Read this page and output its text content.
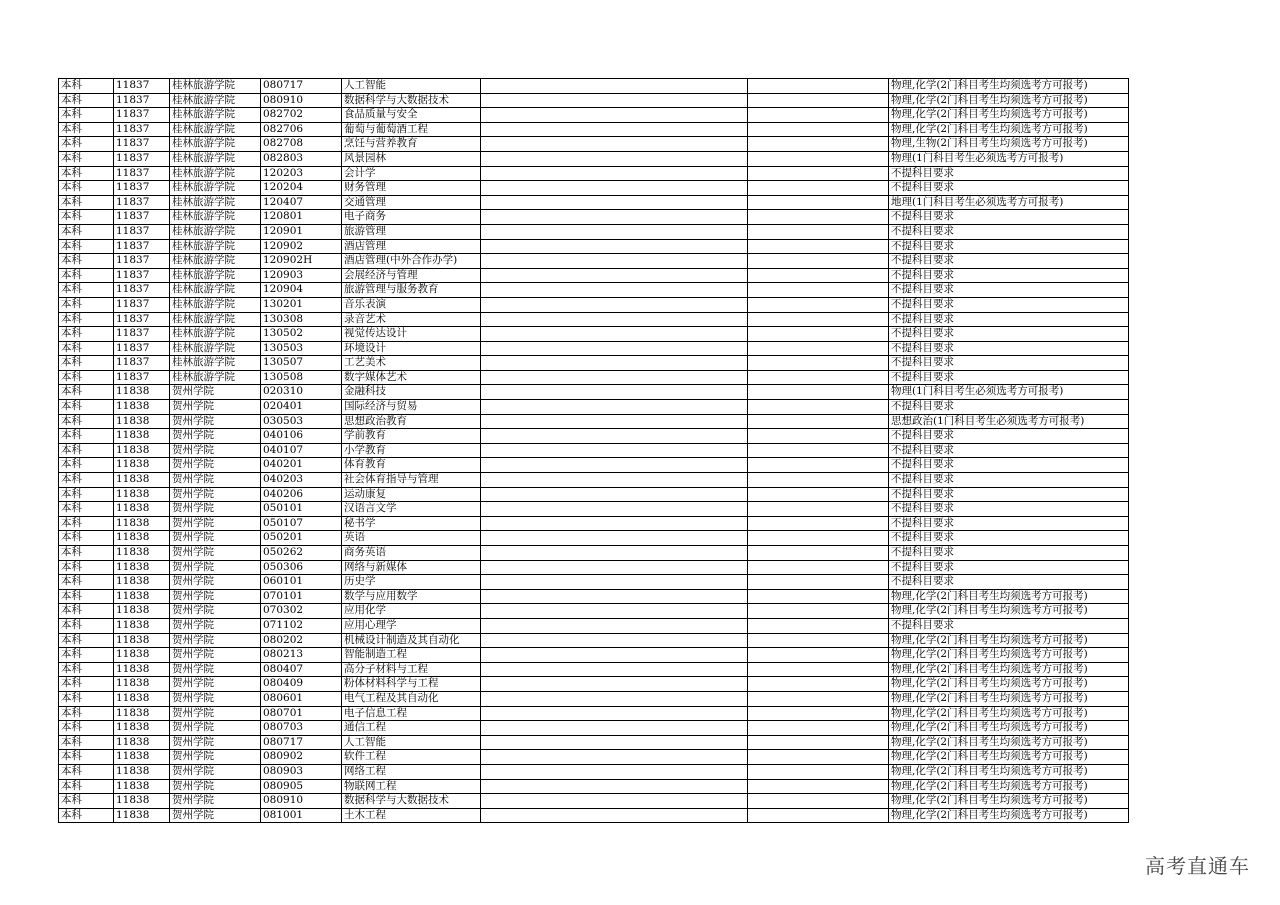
本科	11837	桂林旅游学院	080717	人工智能			物理,化学(2门科目考生均须选考方可报考)
本科	11837	桂林旅游学院	080910	数据科学与大数据技术			物理,化学(2门科目考生均须选考方可报考)
本科	11837	桂林旅游学院	082702	食品质量与安全			物理,化学(2门科目考生均须选考方可报考)
本科	11837	桂林旅游学院	082706	葡萄与葡萄酒工程			物理,化学(2门科目考生均须选考方可报考)
本科	11837	桂林旅游学院	082708	烹饪与营养教育			物理,生物(2门科目考生均须选考方可报考)
本科	11837	桂林旅游学院	082803	风景园林			物理(1门科目考生必须选考方可报考)
本科	11837	桂林旅游学院	120203	会计学			不提科目要求
本科	11837	桂林旅游学院	120204	财务管理			不提科目要求
本科	11837	桂林旅游学院	120407	交通管理			地理(1门科目考生必须选考方可报考)
本科	11837	桂林旅游学院	120801	电子商务			不提科目要求
本科	11837	桂林旅游学院	120901	旅游管理			不提科目要求
本科	11837	桂林旅游学院	120902	酒店管理			不提科目要求
本科	11837	桂林旅游学院	120902H	酒店管理(中外合作办学)			不提科目要求
本科	11837	桂林旅游学院	120903	会展经济与管理			不提科目要求
本科	11837	桂林旅游学院	120904	旅游管理与服务教育			不提科目要求
本科	11837	桂林旅游学院	130201	音乐表演			不提科目要求
本科	11837	桂林旅游学院	130308	录音艺术			不提科目要求
本科	11837	桂林旅游学院	130502	视觉传达设计			不提科目要求
本科	11837	桂林旅游学院	130503	环境设计			不提科目要求
本科	11837	桂林旅游学院	130507	工艺美术			不提科目要求
本科	11837	桂林旅游学院	130508	数字媒体艺术			不提科目要求
本科	11838	贺州学院	020310	金融科技			物理(1门科目考生必须选考方可报考)
本科	11838	贺州学院	020401	国际经济与贸易			不提科目要求
本科	11838	贺州学院	030503	思想政治教育			思想政治(1门科目考生必须选考方可报考)
本科	11838	贺州学院	040106	学前教育			不提科目要求
本科	11838	贺州学院	040107	小学教育			不提科目要求
本科	11838	贺州学院	040201	体育教育			不提科目要求
本科	11838	贺州学院	040203	社会体育指导与管理			不提科目要求
本科	11838	贺州学院	040206	运动康复			不提科目要求
本科	11838	贺州学院	050101	汉语言文学			不提科目要求
本科	11838	贺州学院	050107	秘书学			不提科目要求
本科	11838	贺州学院	050201	英语			不提科目要求
本科	11838	贺州学院	050262	商务英语			不提科目要求
本科	11838	贺州学院	050306	网络与新媒体			不提科目要求
本科	11838	贺州学院	060101	历史学			不提科目要求
本科	11838	贺州学院	070101	数学与应用数学			物理,化学(2门科目考生均须选考方可报考)
本科	11838	贺州学院	070302	应用化学			物理,化学(2门科目考生均须选考方可报考)
本科	11838	贺州学院	071102	应用心理学			不提科目要求
本科	11838	贺州学院	080202	机械设计制造及其自动化			物理,化学(2门科目考生均须选考方可报考)
本科	11838	贺州学院	080213	智能制造工程			物理,化学(2门科目考生均须选考方可报考)
本科	11838	贺州学院	080407	高分子材料与工程			物理,化学(2门科目考生均须选考方可报考)
本科	11838	贺州学院	080409	粉体材料科学与工程			物理,化学(2门科目考生均须选考方可报考)
本科	11838	贺州学院	080601	电气工程及其自动化			物理,化学(2门科目考生均须选考方可报考)
本科	11838	贺州学院	080701	电子信息工程			物理,化学(2门科目考生均须选考方可报考)
本科	11838	贺州学院	080703	通信工程			物理,化学(2门科目考生均须选考方可报考)
本科	11838	贺州学院	080717	人工智能			物理,化学(2门科目考生均须选考方可报考)
本科	11838	贺州学院	080902	软件工程			物理,化学(2门科目考生均须选考方可报考)
本科	11838	贺州学院	080903	网络工程			物理,化学(2门科目考生均须选考方可报考)
本科	11838	贺州学院	080905	物联网工程			物理,化学(2门科目考生均须选考方可报考)
本科	11838	贺州学院	080910	数据科学与大数据技术			物理,化学(2门科目考生均须选考方可报考)
本科	11838	贺州学院	081001	土木工程			物理,化学(2门科目考生均须选考方可报考)
高考直通车
